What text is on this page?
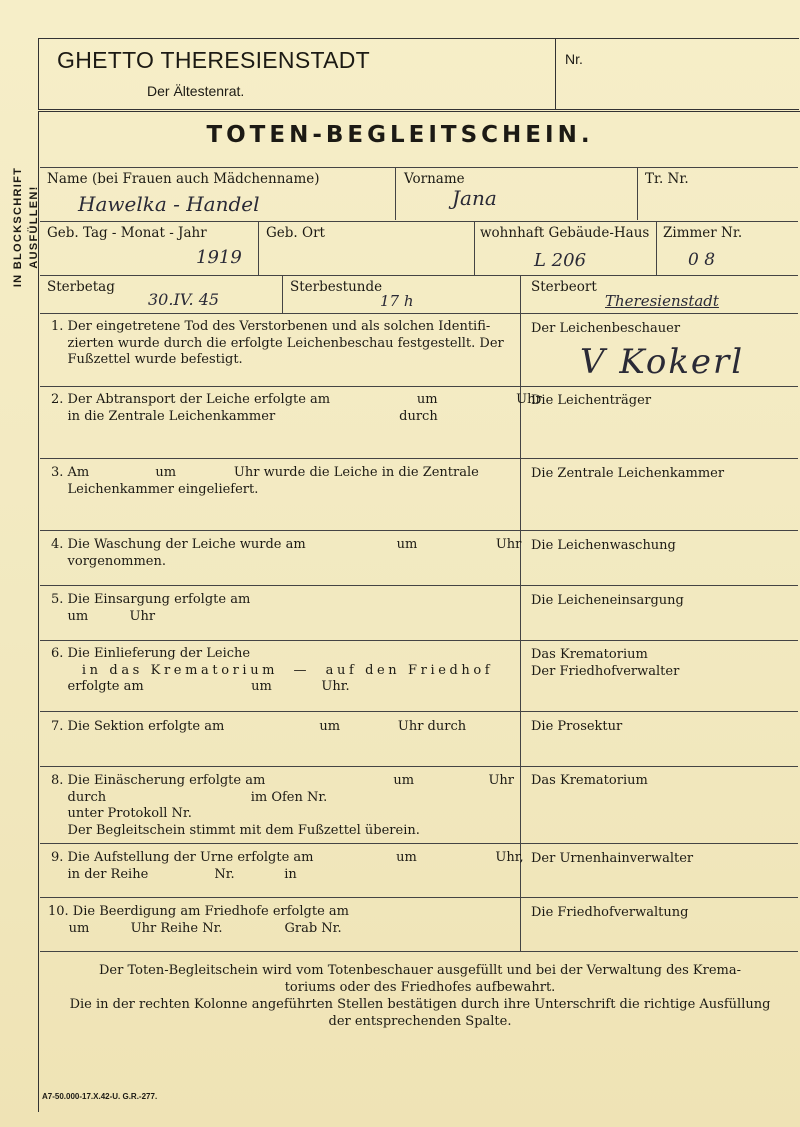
IN BLOCKSCHRIFT AUSFÜLLEN!
GHETTO THERESIENSTADT
Der Ältestenrat.
Nr.
TOTEN-BEGLEITSCHEIN.
Name (bei Frauen auch Mädchenname)
Hawelka - Handel
Vorname
Jana
Tr. Nr.
Geb. Tag - Monat - Jahr
1919
Geb. Ort	wohnhaft Gebäude-Haus
L 206
Zimmer Nr.
0 8
Sterbetag
30.IV. 45
Sterbestunde
17 h
Sterbeort
Theresienstadt
1. Der eingetretene Tod des Verstorbenen und als solchen Identifi-
zierten wurde durch die erfolgte Leichenbeschau festgestellt. Der
Fußzettel wurde befestigt.
Der Leichenbeschauer
V Kokerl
2. Der Abtransport der Leiche erfolgte am                     um                   Uhr
in die Zentrale Leichenkammer                              durch
Die Leichenträger
3. Am                um              Uhr wurde die Leiche in die Zentrale
Leichenkammer eingeliefert.
Die Zentrale Leichenkammer
4. Die Waschung der Leiche wurde am                      um                   Uhr
vorgenommen.
Die Leichenwaschung
5. Die Einsargung erfolgte am
um          Uhr
Die Leicheneinsargung
6. Die Einlieferung der Leiche
in das Krematorium  —  auf den Friedhof
erfolgte am                          um            Uhr.
Das Krematorium
Der Friedhofverwalter
7. Die Sektion erfolgte am                       um              Uhr durch	Die Prosektur
8. Die Einäscherung erfolgte am                               um                  Uhr
durch                                   im Ofen Nr.
unter Protokoll Nr.
Der Begleitschein stimmt mit dem Fußzettel überein.
Das Krematorium
9. Die Aufstellung der Urne erfolgte am                    um                   Uhr,
in der Reihe                Nr.            in
Der Urnenhainverwalter
10. Die Beerdigung am Friedhofe erfolgte am
um          Uhr Reihe Nr.               Grab Nr.
Die Friedhofverwaltung
Der Toten-Begleitschein wird vom Totenbeschauer ausgefüllt und bei der Verwaltung des Krema-
toriums oder des Friedhofes aufbewahrt.
Die in der rechten Kolonne angeführten Stellen bestätigen durch ihre Unterschrift die richtige Ausfüllung
der entsprechenden Spalte.
A7-50.000-17.X.42-U. G.R.-277.
